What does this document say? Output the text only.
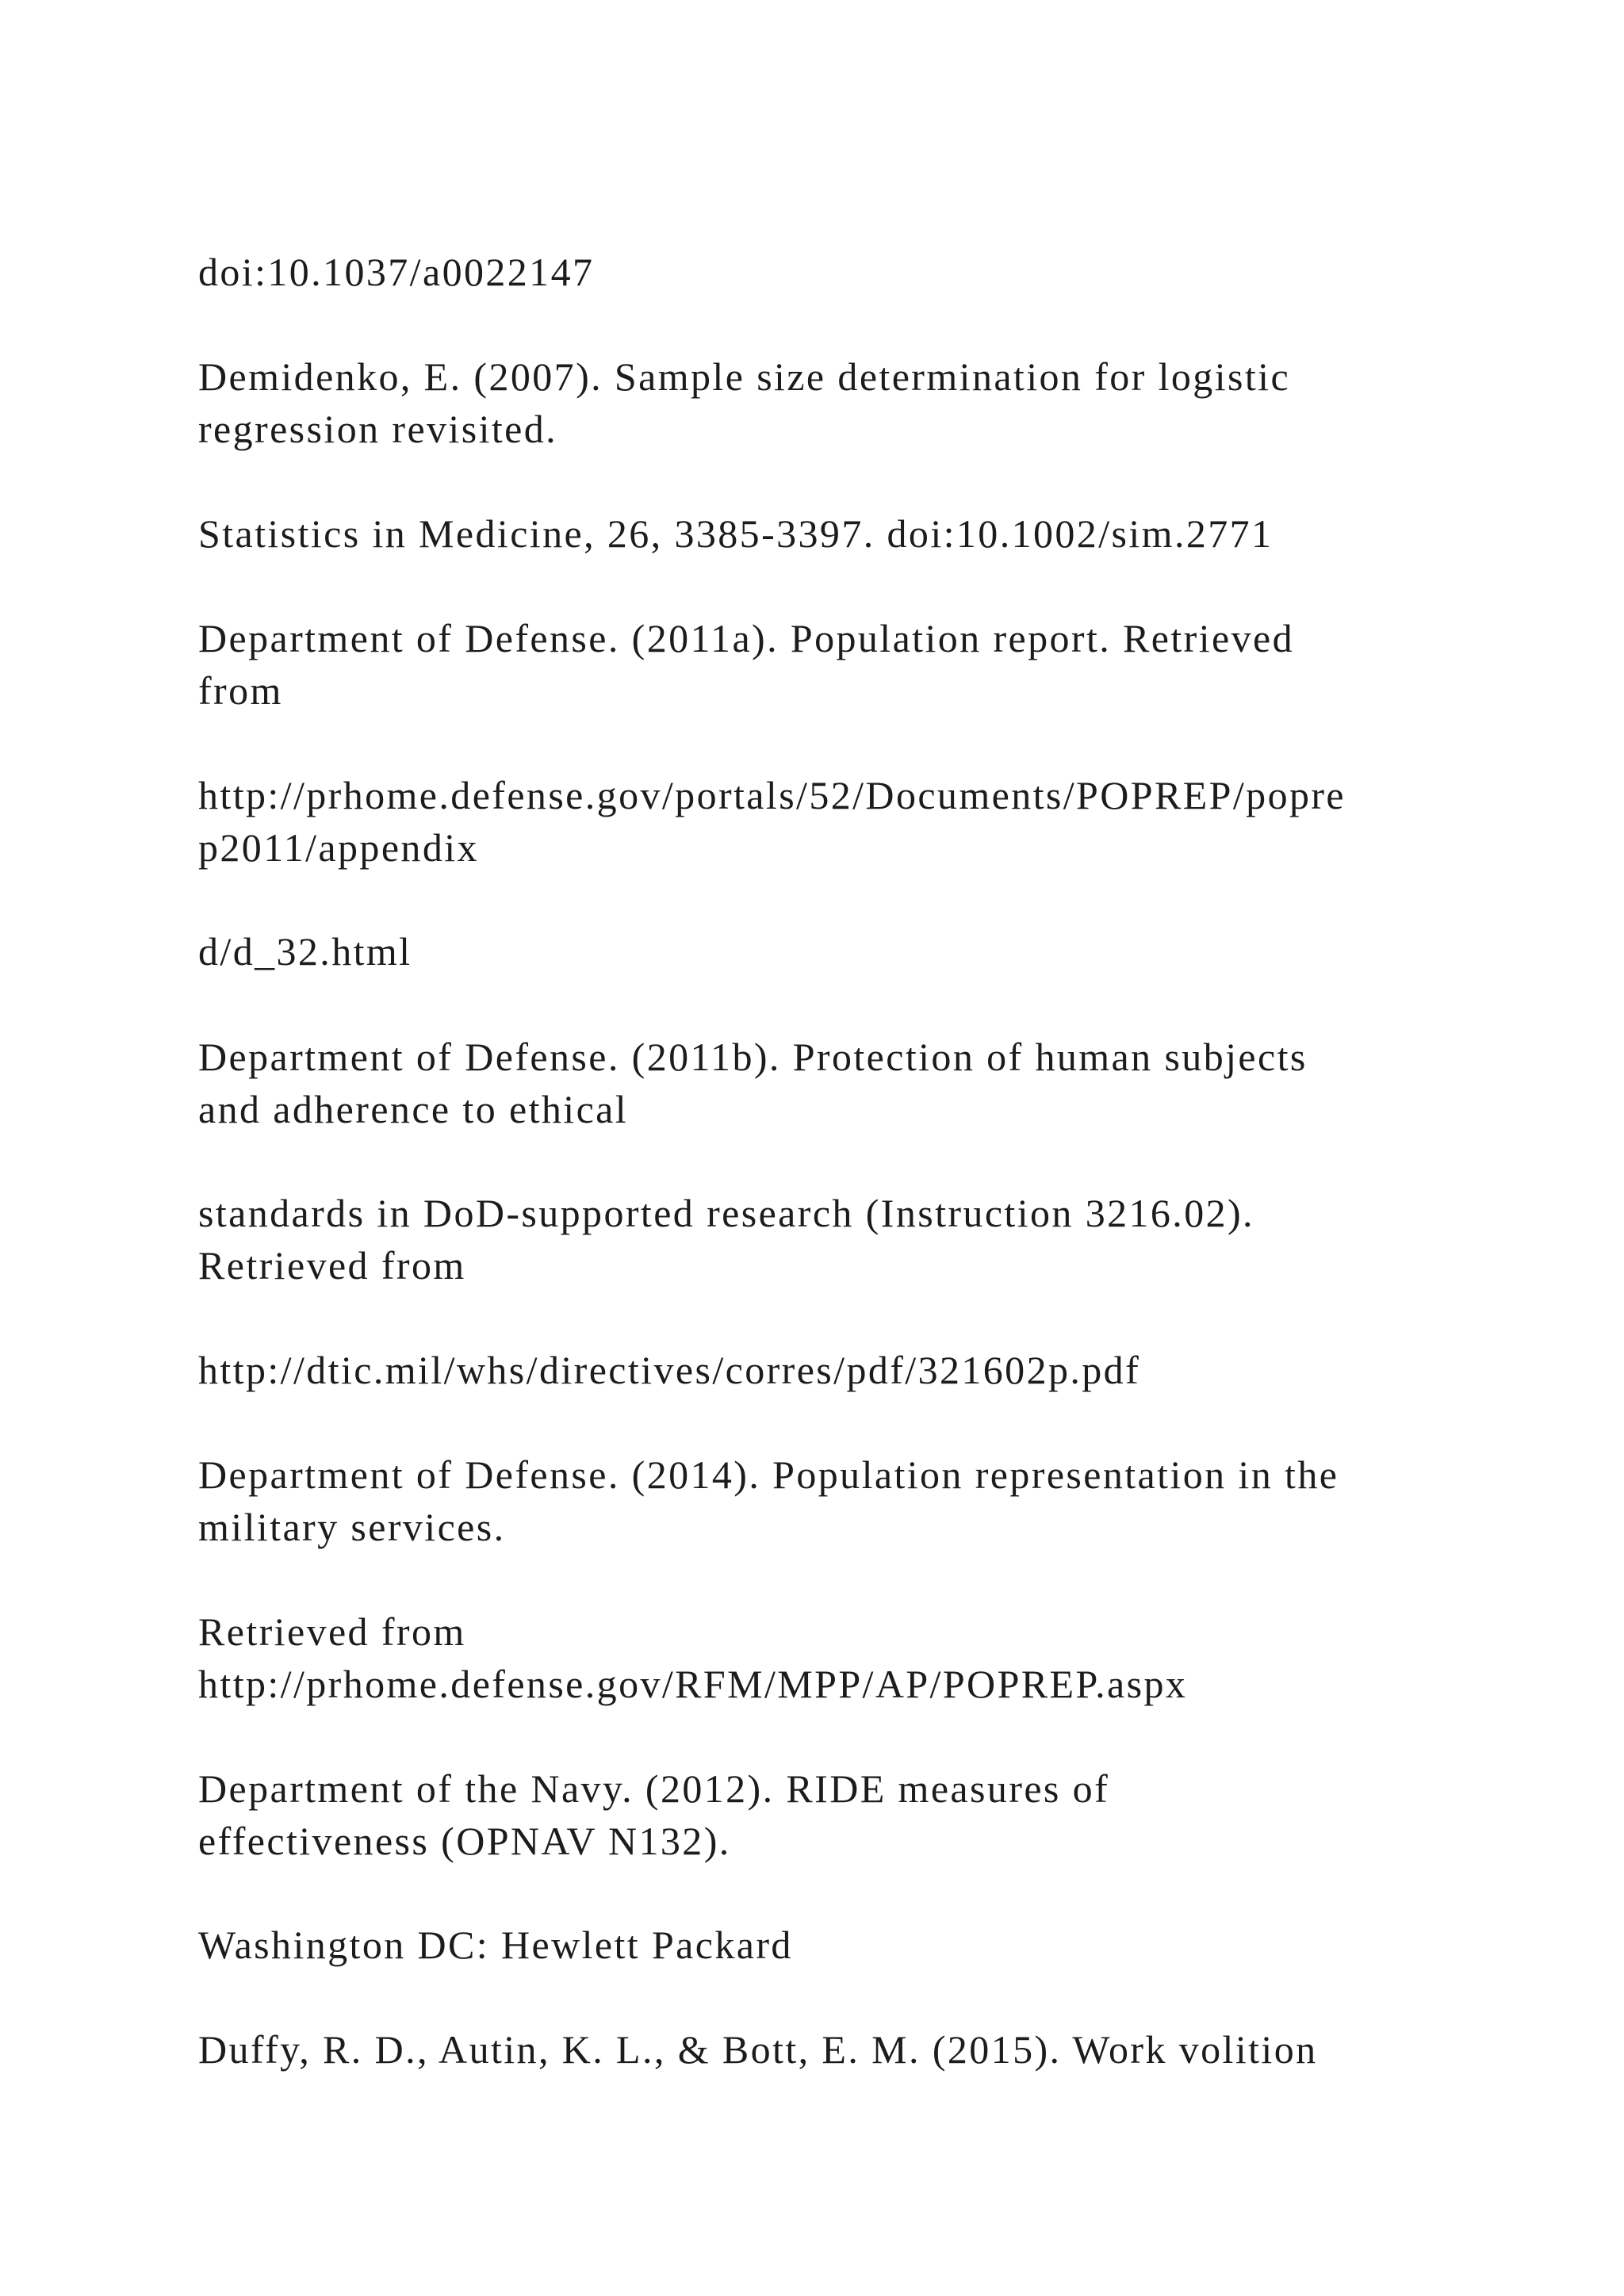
doi:10.1037/a0022147

Demidenko, E. (2007). Sample size determination for logistic
regression revisited.

Statistics in Medicine, 26, 3385-3397. doi:10.1002/sim.2771

Department of Defense. (2011a). Population report. Retrieved
from

http://prhome.defense.gov/portals/52/Documents/POPREP/popre
p2011/appendix

d/d_32.html

Department of Defense. (2011b). Protection of human subjects
and adherence to ethical

standards in DoD-supported research (Instruction 3216.02).
Retrieved from

http://dtic.mil/whs/directives/corres/pdf/321602p.pdf

Department of Defense. (2014). Population representation in the
military services.

Retrieved from
http://prhome.defense.gov/RFM/MPP/AP/POPREP.aspx

Department of the Navy. (2012). RIDE measures of
effectiveness (OPNAV N132).

Washington DC: Hewlett Packard

Duffy, R. D., Autin, K. L., & Bott, E. M. (2015). Work volition
